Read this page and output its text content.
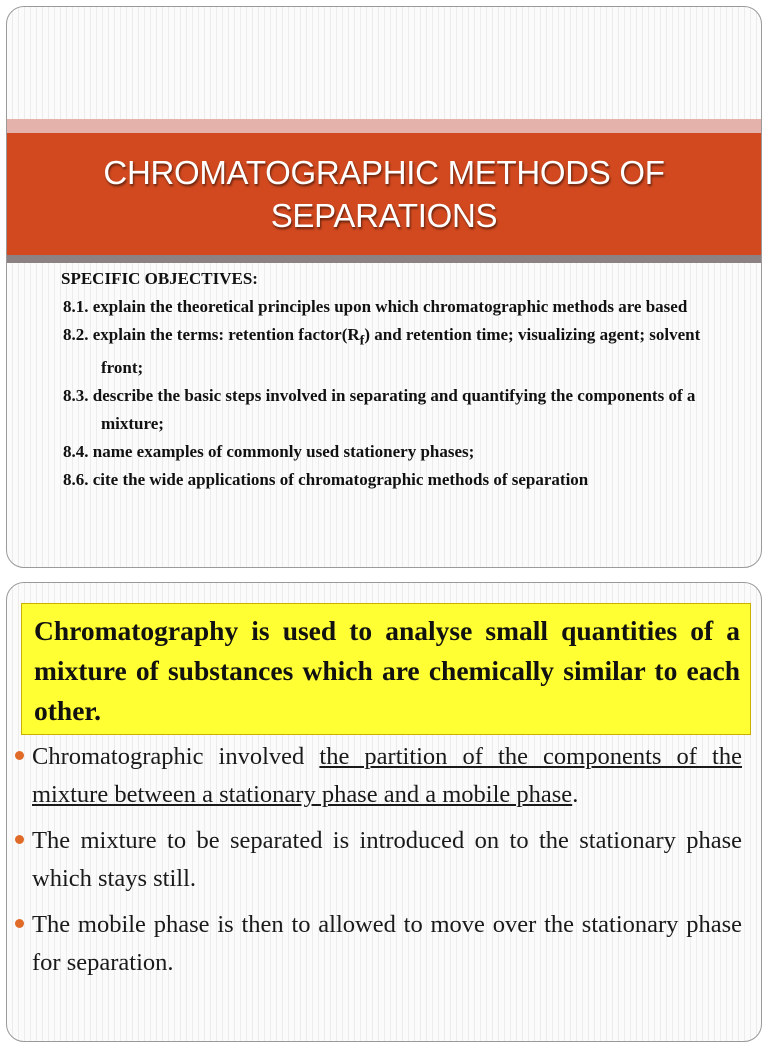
CHROMATOGRAPHIC METHODS OF
SEPARATIONS
SPECIFIC OBJECTIVES:
8.1. explain the theoretical principles upon which chromatographic methods are based
8.2. explain the terms: retention $factor(R_f)$ and retention time; visualizing agent; solvent front;
8.3. describe the basic steps involved in separating and quantifying the components of a mixture;
8.4. name examples of commonly used stationery phases;
8.6. cite the wide applications of chromatographic methods of separation
Chromatography is used to analyse small quantities of a mixture of substances which are chemically similar to each other.
Chromatographic involved the partition of the components of the mixture between a stationary phase and a mobile phase.
The mixture to be separated is introduced on to the stationary phase which stays still.
The mobile phase is then to allowed to move over the stationary phase for separation.
